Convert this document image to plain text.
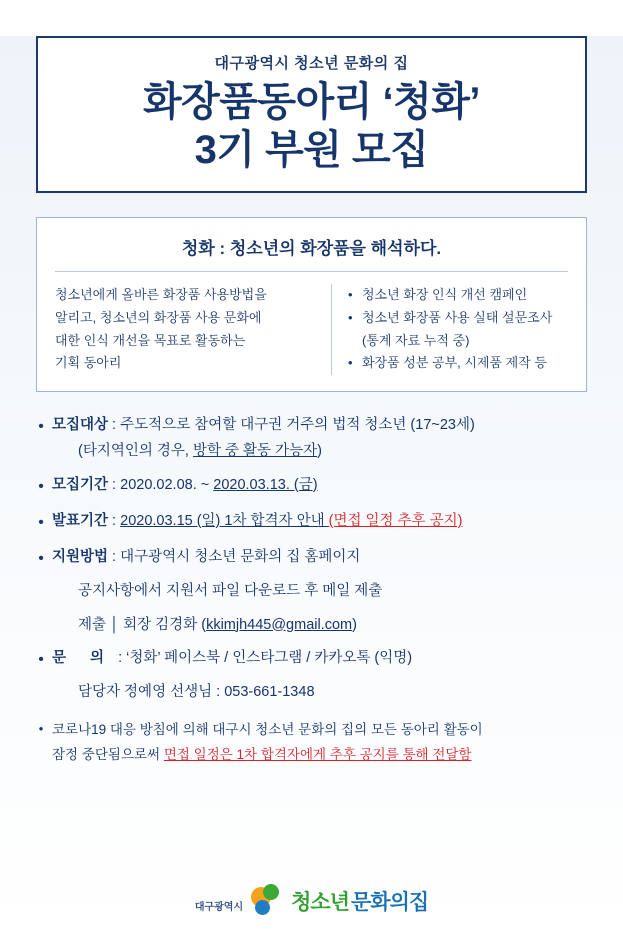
대구광역시 청소년 문화의 집
화장품동아리 ‘청화’
3기 부원 모집
청화 : 청소년의 화장품을 해석하다.
청소년에게 올바른 화장품 사용방법을
알리고, 청소년의 화장품 사용 문화에
대한 인식 개선을 목표로 활동하는
기획 동아리
• 청소년 화장 인식 개선 캠페인
• 청소년 화장품 사용 실태 설문조사
(통계 자료 누적 중)
• 화장품 성분 공부, 시제품 제작 등
• 모집대상 : 주도적으로 참여할 대구권 거주의 법적 청소년 (17~23세)
(타지역인의 경우, 방학 중 활동 가능자)
• 모집기간 : 2020.02.08. ~ 2020.03.13. (금)
• 발표기간 : 2020.03.15 (일) 1차 합격자 안내 (면접 일정 추후 공지)
• 지원방법 : 대구광역시 청소년 문화의 집 홈페이지
공지사항에서 지원서 파일 다운로드 후 메일 제출
제출 │ 회장 김경화 (kkimjh445@gmail.com)
• 문 의 : ‘청화’ 페이스북 / 인스타그램 / 카카오톡 (익명)
담당자 정예영 선생님 : 053-661-1348
• 코로나19 대응 방침에 의해 대구시 청소년 문화의 집의 모든 동아리 활동이
잠정 중단됨으로써 면접 일정은 1차 합격자에게 추후 공지를 통해 전달함
대구광역시 청소년 문화의집
